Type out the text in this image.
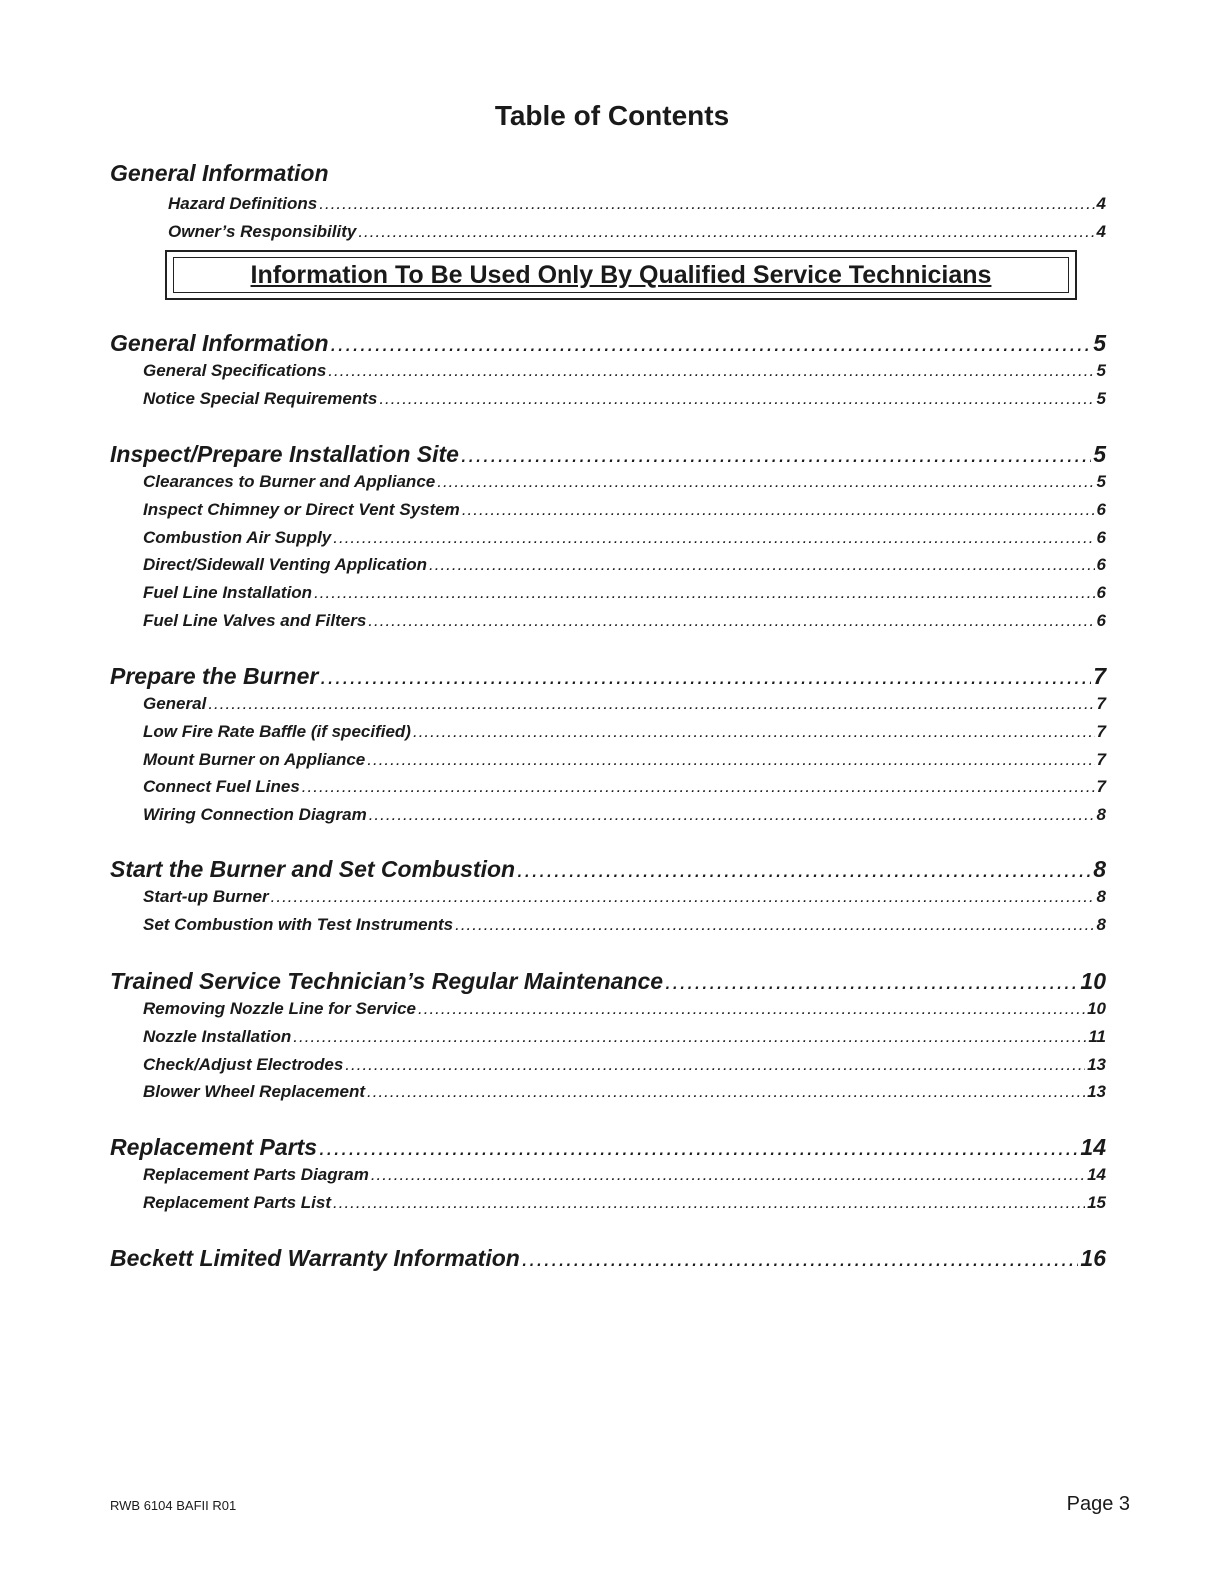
Table of Contents
General Information
Hazard Definitions .....	4
Owner’s Responsibility .....	4
Information To Be Used Only By Qualified Service Technicians
General Information .....	5
General Specifications .....	5
Notice Special Requirements .....	5
Inspect/Prepare Installation Site .....	5
Clearances to Burner and Appliance .....	5
Inspect Chimney or Direct Vent System .....	6
Combustion Air Supply .....	6
Direct/Sidewall Venting Application .....	6
Fuel Line Installation .....	6
Fuel Line Valves and Filters .....	6
Prepare the Burner .....	7
General .....	7
Low Fire Rate Baffle (if specified) .....	7
Mount Burner on Appliance .....	7
Connect Fuel Lines .....	7
Wiring Connection Diagram .....	8
Start the Burner and Set Combustion .....	8
Start-up Burner .....	8
Set Combustion with Test Instruments .....	8
Trained Service Technician’s Regular Maintenance .....	10
Removing Nozzle Line for Service .....	10
Nozzle Installation .....	11
Check/Adjust Electrodes .....	13
Blower Wheel Replacement .....	13
Replacement Parts .....	14
Replacement Parts Diagram .....	14
Replacement Parts List .....	15
Beckett Limited Warranty Information .....	16
RWB 6104 BAFII R01	Page 3
